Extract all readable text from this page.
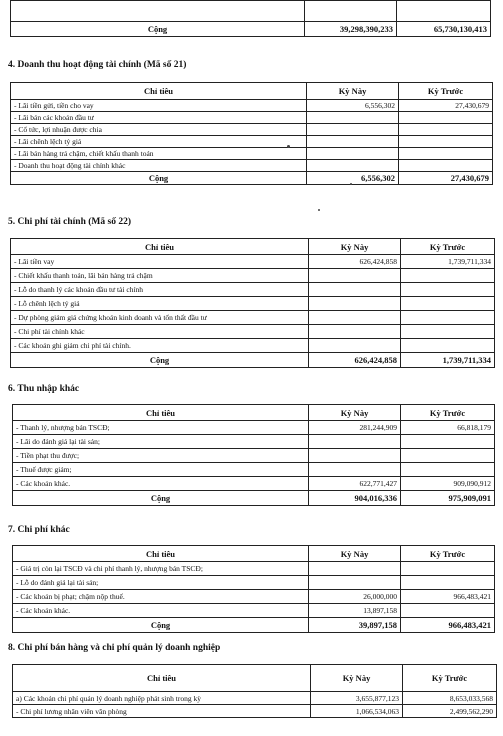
Cộng	39,298,390,233	65,730,130,413
4. Doanh thu hoạt động tài chính (Mã số 21)
Chỉ tiêu	Kỳ Này	Kỳ Trước
- Lãi tiền gửi, tiền cho vay	6,556,302	27,430,679
- Lãi bán các khoản đầu tư		
- Cổ tức, lợi nhuận được chia		
- Lãi chênh lệch tỷ giá		
- Lãi bán hàng trả chậm, chiết khấu thanh toán		
- Doanh thu hoạt động tài chính khác		
Cộng	6,556,302	27,430,679
5. Chi phí tài chính (Mã số 22)
Chỉ tiêu	Kỳ Này	Kỳ Trước
- Lãi tiền vay	626,424,858	1,739,711,334
- Chiết khấu thanh toán, lãi bán hàng trả chậm		
- Lỗ do thanh lý các khoản đầu tư tài chính		
- Lỗ chênh lệch tỷ giá		
- Dự phòng giảm giá chứng khoán kinh doanh và tổn thất đầu tư		
- Chi phí tài chính khác		
- Các khoản ghi giảm chi phí tài chính.		
Cộng	626,424,858	1,739,711,334
6. Thu nhập khác
Chỉ tiêu	Kỳ Này	Kỳ Trước
- Thanh lý, nhượng bán TSCĐ;	281,244,909	66,818,179
- Lãi do đánh giá lại tài sản;		
- Tiền phạt thu được;		
- Thuế được giảm;		
- Các khoản khác.	622,771,427	909,090,912
Cộng	904,016,336	975,909,091
7. Chi phí khác
Chỉ tiêu	Kỳ Này	Kỳ Trước
- Giá trị còn lại TSCĐ và chi phí thanh lý, nhượng bán TSCĐ;		
- Lỗ do đánh giá lại tài sản;		
- Các khoản bị phạt; chậm nộp thuế.	26,000,000	966,483,421
- Các khoản khác.	13,897,158	
Cộng	39,897,158	966,483,421
8. Chi phí bán hàng và chi phí quản lý doanh nghiệp
Chỉ tiêu	Kỳ Này	Kỳ Trước
a) Các khoản chi phí quản lý doanh nghiệp phát sinh trong kỳ	3,655,877,123	8,653,033,568
- Chi phí lương nhân viên văn phòng	1,066,534,063	2,499,562,290
